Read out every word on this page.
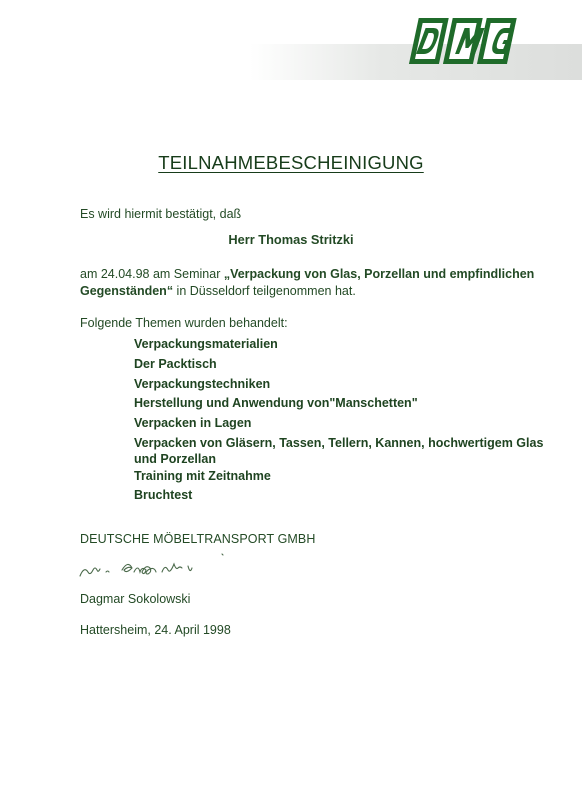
TEILNAHMEBESCHEINIGUNG
Es wird hiermit bestätigt, daß
Herr Thomas Stritzki
am 24.04.98 am Seminar „Verpackung von Glas, Porzellan und empfindlichen
Gegenständen“ in Düsseldorf teilgenommen hat.
Folgende Themen wurden behandelt:
Verpackungsmaterialien
Der Packtisch
Verpackungstechniken
Herstellung und Anwendung von"Manschetten"
Verpacken in Lagen
Verpacken von Gläsern, Tassen, Tellern, Kannen, hochwertigem Glas
und Porzellan
Training mit Zeitnahme
Bruchtest
DEUTSCHE MÖBELTRANSPORT GMBH
Dagmar Sokolowski
Hattersheim, 24. April 1998
